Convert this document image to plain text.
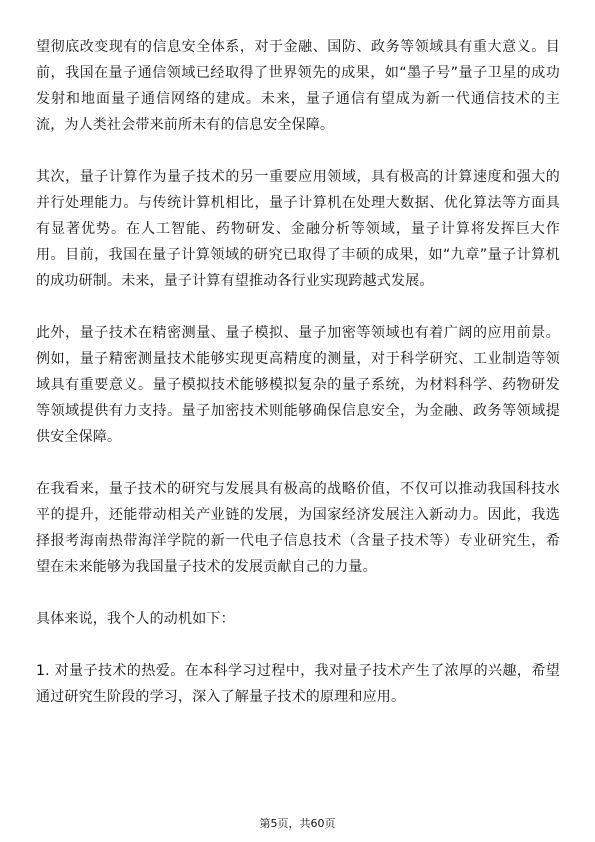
望彻底改变现有的信息安全体系，对于金融、国防、政务等领域具有重大意义。目前，我国在量子通信领域已经取得了世界领先的成果，如“墨子号”量子卫星的成功发射和地面量子通信网络的建成。未来，量子通信有望成为新一代通信技术的主流，为人类社会带来前所未有的信息安全保障。

其次，量子计算作为量子技术的另一重要应用领域，具有极高的计算速度和强大的并行处理能力。与传统计算机相比，量子计算机在处理大数据、优化算法等方面具有显著优势。在人工智能、药物研发、金融分析等领域，量子计算将发挥巨大作用。目前，我国在量子计算领域的研究已取得了丰硕的成果，如“九章”量子计算机的成功研制。未来，量子计算有望推动各行业实现跨越式发展。

此外，量子技术在精密测量、量子模拟、量子加密等领域也有着广阔的应用前景。例如，量子精密测量技术能够实现更高精度的测量，对于科学研究、工业制造等领域具有重要意义。量子模拟技术能够模拟复杂的量子系统，为材料科学、药物研发等领域提供有力支持。量子加密技术则能够确保信息安全，为金融、政务等领域提供安全保障。

在我看来，量子技术的研究与发展具有极高的战略价值，不仅可以推动我国科技水平的提升，还能带动相关产业链的发展，为国家经济发展注入新动力。因此，我选择报考海南热带海洋学院的新一代电子信息技术（含量子技术等）专业研究生，希望在未来能够为我国量子技术的发展贡献自己的力量。

具体来说，我个人的动机如下：

1. 对量子技术的热爱。在本科学习过程中，我对量子技术产生了浓厚的兴趣，希望通过研究生阶段的学习，深入了解量子技术的原理和应用。

第5页，共60页
